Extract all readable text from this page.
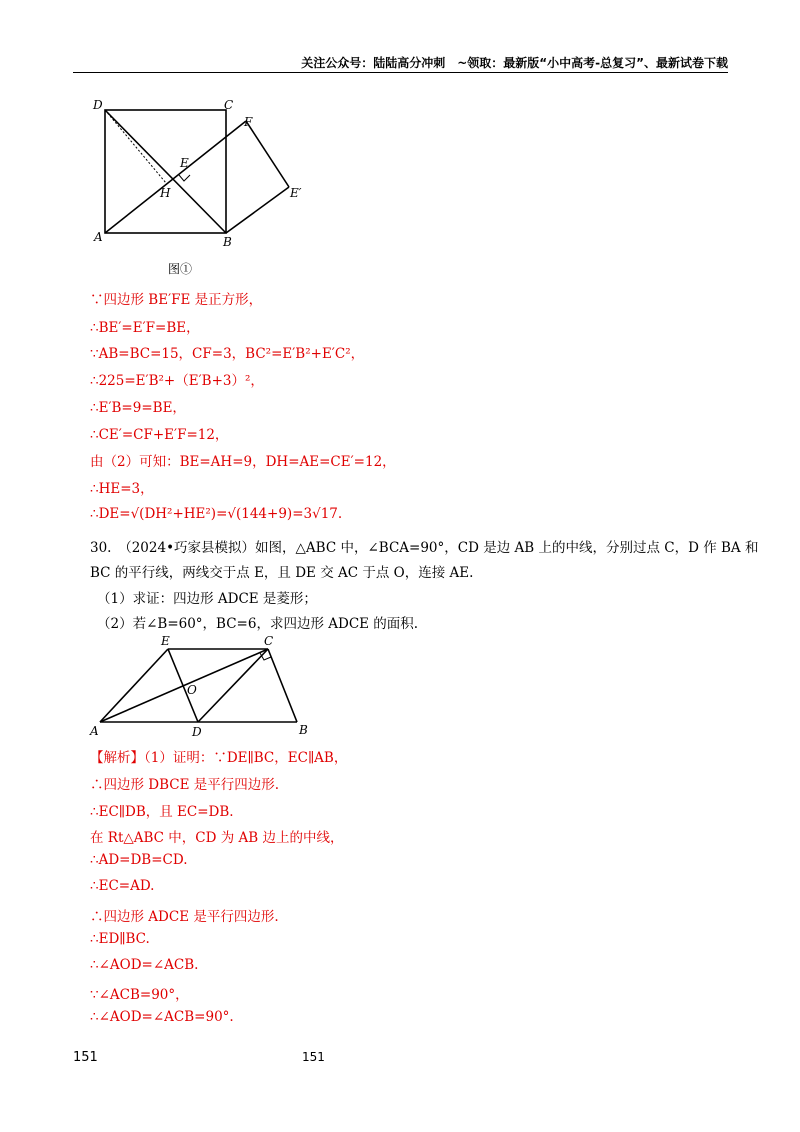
关注公众号：陆陆高分冲刺　~领取：最新版“小中高考-总复习”、最新试卷下载
D	C
F
E
H	E′
A	B
图①
∵四边形 BE′FE 是正方形，
∴BE′=E′F=BE，
∵AB=BC=15，CF=3，BC²=E′B²+E′C²，
∴225=E′B²+（E′B+3）²，
∴E′B=9=BE，
∴CE′=CF+E′F=12，
由（2）可知：BE=AH=9，DH=AE=CE′=12，
∴HE=3，
∴DE=√(DH²+HE²)=√(144+9)=3√17.
30.　（2024•巧家县模拟）如图，△ABC 中，∠BCA=90°，CD 是边 AB 上的中线，分别过点 C，D 作 BA 和
BC 的平行线，两线交于点 E，且 DE 交 AC 于点 O，连接 AE.
（1）求证：四边形 ADCE 是菱形；
（2）若∠B=60°，BC=6，求四边形 ADCE 的面积.
E	C
O
A	D	B
【解析】（1）证明：∵DE∥BC，EC∥AB，
∴四边形 DBCE 是平行四边形.
∴EC∥DB，且 EC=DB.
在 Rt△ABC 中，CD 为 AB 边上的中线，
∴AD=DB=CD.
∴EC=AD.
∴四边形 ADCE 是平行四边形.
∴ED∥BC.
∴∠AOD=∠ACB.
∵∠ACB=90°，
∴∠AOD=∠ACB=90°.
151	151
